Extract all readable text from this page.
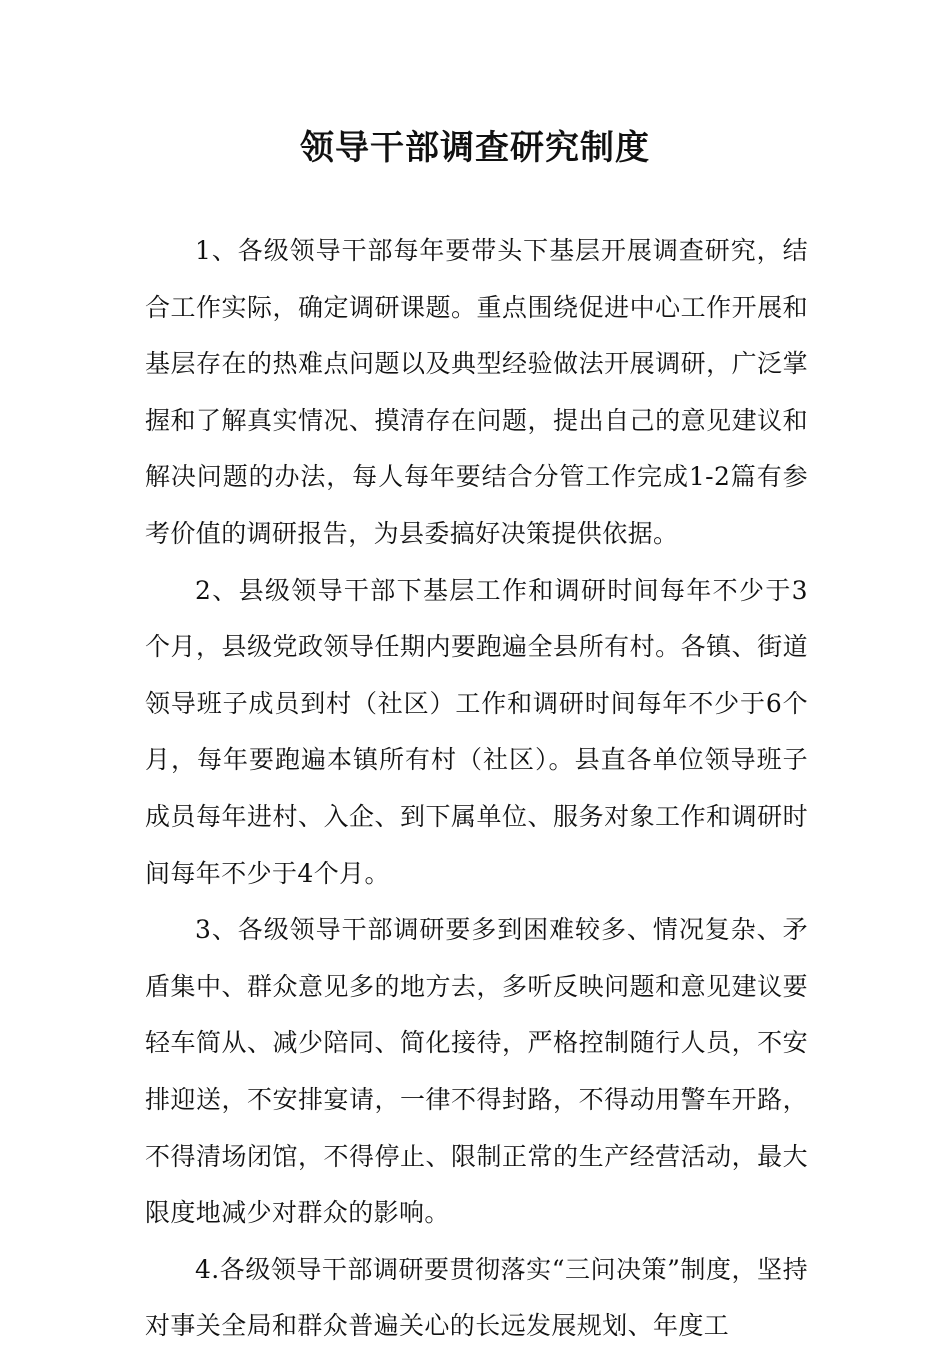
领导干部调查研究制度

1、各级领导干部每年要带头下基层开展调查研究，结合工作实际，确定调研课题。重点围绕促进中心工作开展和基层存在的热难点问题以及典型经验做法开展调研，广泛掌握和了解真实情况、摸清存在问题，提出自己的意见建议和解决问题的办法，每人每年要结合分管工作完成1-2篇有参考价值的调研报告，为县委搞好决策提供依据。

2、县级领导干部下基层工作和调研时间每年不少于3个月，县级党政领导任期内要跑遍全县所有村。各镇、街道领导班子成员到村（社区）工作和调研时间每年不少于6个月，每年要跑遍本镇所有村（社区）。县直各单位领导班子成员每年进村、入企、到下属单位、服务对象工作和调研时间每年不少于4个月。

3、各级领导干部调研要多到困难较多、情况复杂、矛盾集中、群众意见多的地方去，多听反映问题和意见建议要轻车简从、减少陪同、简化接待，严格控制随行人员，不安排迎送，不安排宴请，一律不得封路，不得动用警车开路，不得清场闭馆，不得停止、限制正常的生产经营活动，最大限度地减少对群众的影响。

4.各级领导干部调研要贯彻落实“三问决策”制度，坚持对事关全局和群众普遍关心的长远发展规划、年度工
